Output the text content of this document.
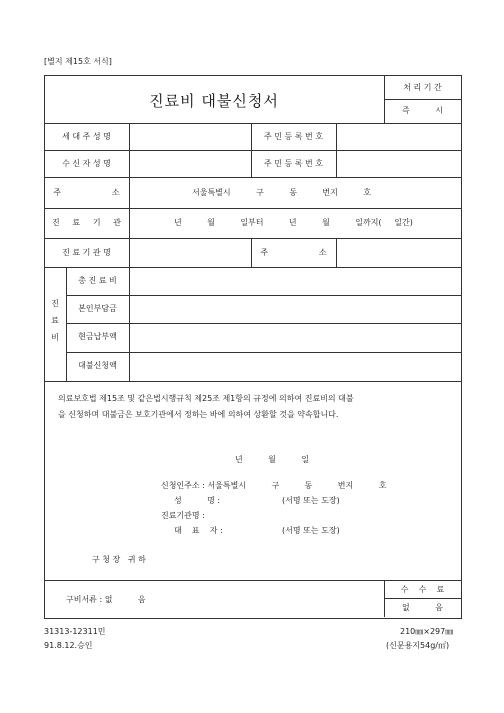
[별지 제15호 서식]
진료비 대불신청서
처 리 기 간
즉          시
세 대 주 성 명	주 민 등 록 번 호
수 신 자 성 명	주 민 등 록 번 호
주                    소	서울특별시          구          동          번지          호
진     료     기     관	년          월          일부터          년          월          일까지(     일간)
진 료 기 관 명	주                    소
진
료
비
총 진 료 비
본인부담금
현금납부액
대불신청액
의료보호법 제15조 및 같은법시행규칙 제25조 제1항의 규정에 의하여 진료비의 대불
을 신청하며 대불금은 보호기관에서 정하는 바에 의하여 상환할 것을 약속합니다.
년          월          일
신청인주소 : 서울특별시          구          동          번지          호
성          명 :	(서명 또는 도장)
진료기관명 :
대    표    자 :	(서명 또는 도장)
구 청 장   귀 하
구비서류 : 없          음
수    수    료
없          음
31313-12311민
91.8.12.승인
210㎜×297㎜
(신문용지54g/㎡)
